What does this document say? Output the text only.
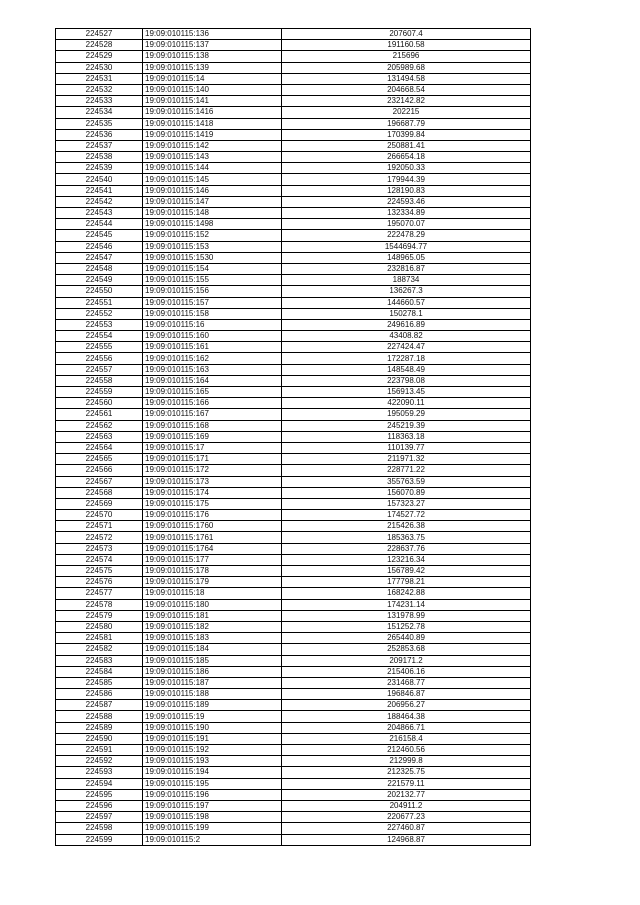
224527	19:09:010115:136	207607.4
224528	19:09:010115:137	191160.58
224529	19:09:010115:138	215696
224530	19:09:010115:139	205989.68
224531	19:09:010115:14	131494.58
224532	19:09:010115:140	204668.54
224533	19:09:010115:141	232142.82
224534	19:09:010115:1416	202215
224535	19:09:010115:1418	196687.79
224536	19:09:010115:1419	170399.84
224537	19:09:010115:142	250881.41
224538	19:09:010115:143	266654.18
224539	19:09:010115:144	192050.33
224540	19:09:010115:145	179944.39
224541	19:09:010115:146	128190.83
224542	19:09:010115:147	224593.46
224543	19:09:010115:148	132334.89
224544	19:09:010115:1498	195070.07
224545	19:09:010115:152	222478.29
224546	19:09:010115:153	1544694.77
224547	19:09:010115:1530	148965.05
224548	19:09:010115:154	232816.87
224549	19:09:010115:155	188734
224550	19:09:010115:156	136267.3
224551	19:09:010115:157	144660.57
224552	19:09:010115:158	150278.1
224553	19:09:010115:16	249616.89
224554	19:09:010115:160	43408.82
224555	19:09:010115:161	227424.47
224556	19:09:010115:162	172287.18
224557	19:09:010115:163	148548.49
224558	19:09:010115:164	223798.08
224559	19:09:010115:165	156913.45
224560	19:09:010115:166	422090.11
224561	19:09:010115:167	195059.29
224562	19:09:010115:168	245219.39
224563	19:09:010115:169	118363.18
224564	19:09:010115:17	110139.77
224565	19:09:010115:171	211971.32
224566	19:09:010115:172	228771.22
224567	19:09:010115:173	355763.59
224568	19:09:010115:174	156070.89
224569	19:09:010115:175	157323.27
224570	19:09:010115:176	174527.72
224571	19:09:010115:1760	215426.38
224572	19:09:010115:1761	185363.75
224573	19:09:010115:1764	228637.76
224574	19:09:010115:177	123216.34
224575	19:09:010115:178	156789.42
224576	19:09:010115:179	177798.21
224577	19:09:010115:18	168242.88
224578	19:09:010115:180	174231.14
224579	19:09:010115:181	131978.99
224580	19:09:010115:182	151252.78
224581	19:09:010115:183	265440.89
224582	19:09:010115:184	252853.68
224583	19:09:010115:185	209171.2
224584	19:09:010115:186	215406.16
224585	19:09:010115:187	231468.77
224586	19:09:010115:188	196846.87
224587	19:09:010115:189	206956.27
224588	19:09:010115:19	188464.38
224589	19:09:010115:190	204866.71
224590	19:09:010115:191	216158.4
224591	19:09:010115:192	212460.56
224592	19:09:010115:193	212999.8
224593	19:09:010115:194	212325.75
224594	19:09:010115:195	221579.11
224595	19:09:010115:196	202132.77
224596	19:09:010115:197	204911.2
224597	19:09:010115:198	220677.23
224598	19:09:010115:199	227460.87
224599	19:09:010115:2	124968.87
